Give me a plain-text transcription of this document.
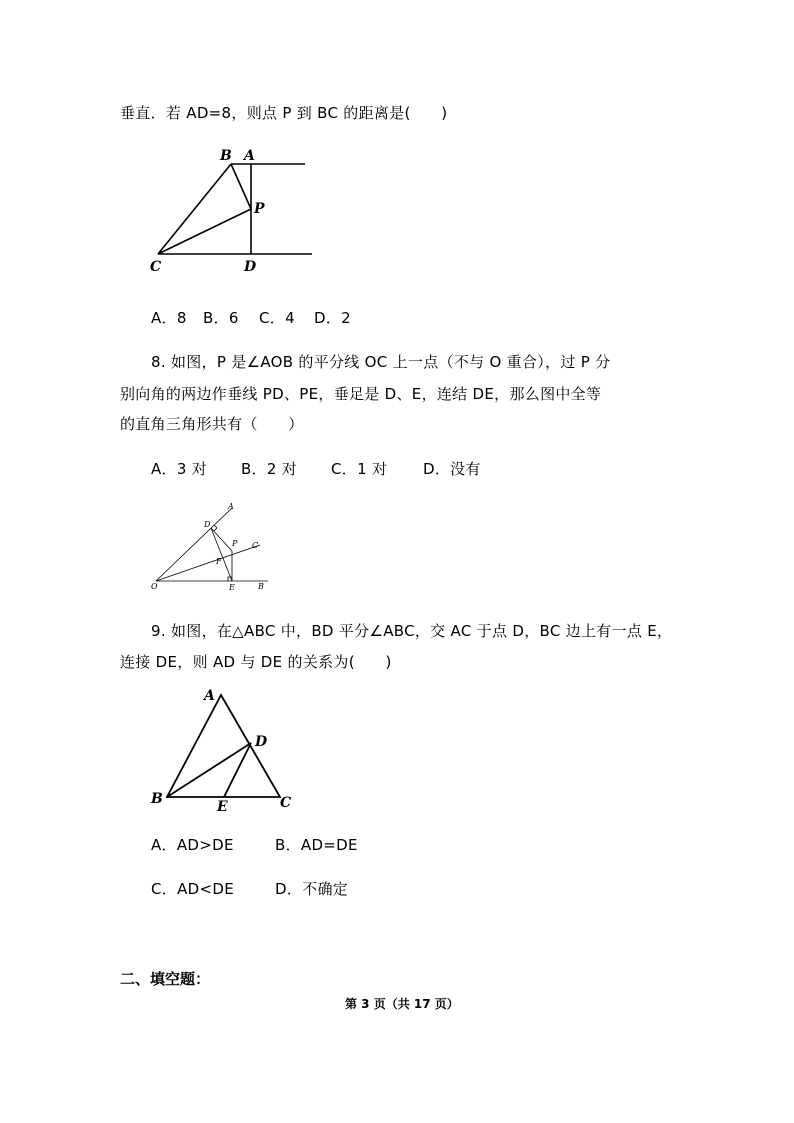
垂直．若 AD=8，则点 P 到 BC 的距离是(　　)
B A
P
C	D
A．8 B．6 C．4 D．2
8. 如图，P 是∠AOB 的平分线 OC 上一点（不与 O 重合），过 P 分
别向角的两边作垂线 PD、PE，垂足是 D、E，连结 DE，那么图中全等
的直角三角形共有（　　）
A．3 对 B．2 对 C．1 对 D．没有
A
D
P C
F
O	E	B
9. 如图，在△ABC 中，BD 平分∠ABC，交 AC 于点 D，BC 边上有一点 E，
连接 DE，则 AD 与 DE 的关系为(　　)
A
D
B	E	C
A．AD>DE	B．AD=DE
C．AD<DE	D．不确定
二、填空题：
第 3 页（共 17 页）
